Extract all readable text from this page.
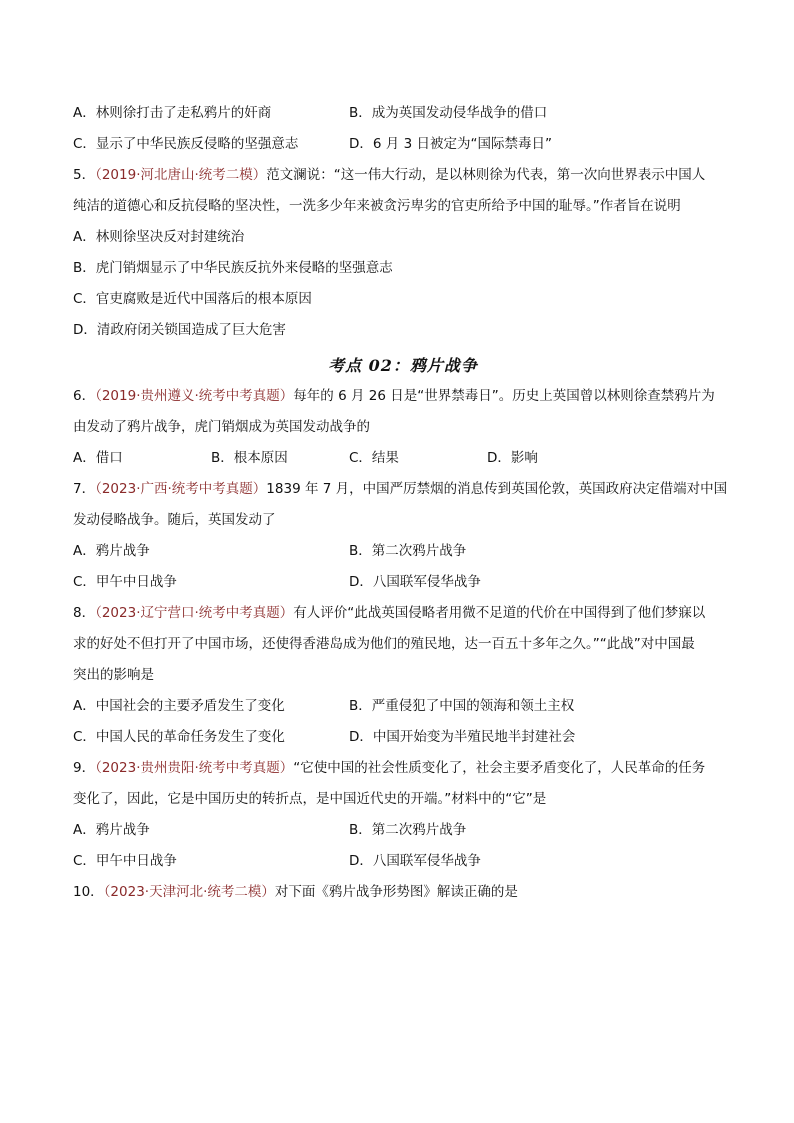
A．林则徐打击了走私鸦片的奸商	B．成为英国发动侵华战争的借口
C．显示了中华民族反侵略的坚强意志	D．6 月 3 日被定为“国际禁毒日”
5．（2019·河北唐山·统考二模）范文澜说：“这一伟大行动，是以林则徐为代表，第一次向世界表示中国人
纯洁的道德心和反抗侵略的坚决性，一洗多少年来被贪污卑劣的官吏所给予中国的耻辱。”作者旨在说明
A．林则徐坚决反对封建统治
B．虎门销烟显示了中华民族反抗外来侵略的坚强意志
C．官吏腐败是近代中国落后的根本原因
D．清政府闭关锁国造成了巨大危害
考点 02：鸦片战争
6．（2019·贵州遵义·统考中考真题）每年的 6 月 26 日是“世界禁毒日”。历史上英国曾以林则徐查禁鸦片为
由发动了鸦片战争，虎门销烟成为英国发动战争的
A．借口	B．根本原因	C．结果	D．影响
7．（2023·广西·统考中考真题）1839 年 7 月，中国严厉禁烟的消息传到英国伦敦，英国政府决定借端对中国
发动侵略战争。随后，英国发动了
A．鸦片战争	B．第二次鸦片战争
C．甲午中日战争	D．八国联军侵华战争
8．（2023·辽宁营口·统考中考真题）有人评价“此战英国侵略者用微不足道的代价在中国得到了他们梦寐以
求的好处不但打开了中国市场，还使得香港岛成为他们的殖民地，达一百五十多年之久。”“此战”对中国最
突出的影响是
A．中国社会的主要矛盾发生了变化	B．严重侵犯了中国的领海和领土主权
C．中国人民的革命任务发生了变化	D．中国开始变为半殖民地半封建社会
9．（2023·贵州贵阳·统考中考真题）“它使中国的社会性质变化了，社会主要矛盾变化了，人民革命的任务
变化了，因此，它是中国历史的转折点，是中国近代史的开端。”材料中的“它”是
A．鸦片战争	B．第二次鸦片战争
C．甲午中日战争	D．八国联军侵华战争
10．（2023·天津河北·统考二模）对下面《鸦片战争形势图》解读正确的是
